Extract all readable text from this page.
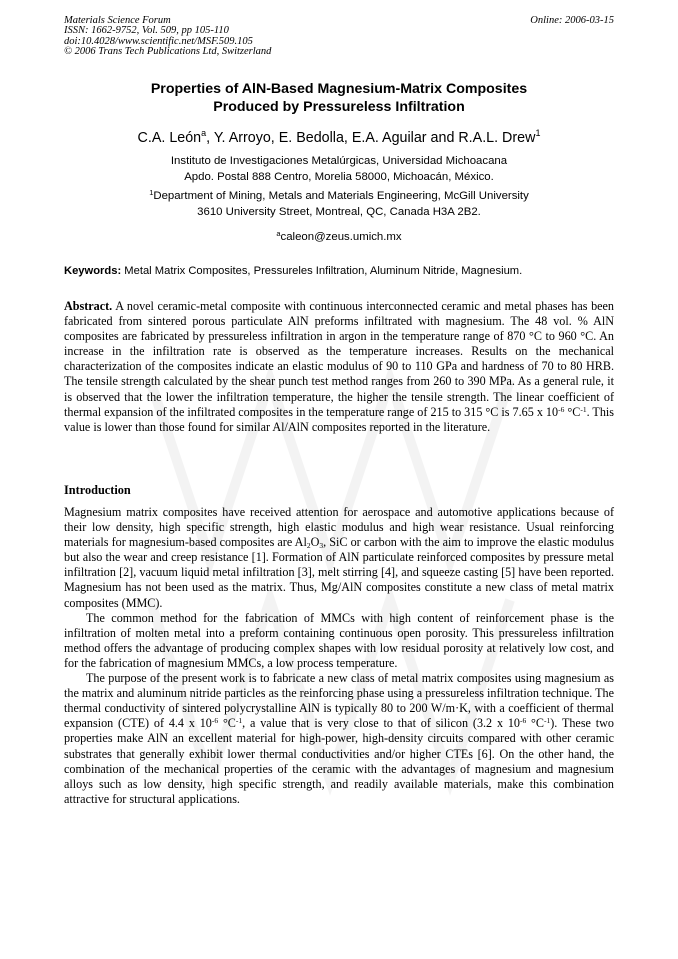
Materials Science Forum
ISSN: 1662-9752, Vol. 509, pp 105-110
doi:10.4028/www.scientific.net/MSF.509.105
© 2006 Trans Tech Publications Ltd, Switzerland
Online: 2006-03-15
Properties of AlN-Based Magnesium-Matrix Composites
Produced by Pressureless Infiltration
C.A. León$^a$, Y. Arroyo, E. Bedolla, E.A. Aguilar and R.A.L. Drew$^1$
Instituto de Investigaciones Metalúrgicas, Universidad Michoacana
Apdo. Postal 888 Centro, Morelia 58000, Michoacán, México.
$^1$Department of Mining, Metals and Materials Engineering, McGill University
3610 University Street, Montreal, QC, Canada H3A 2B2.
$^a$caleon@zeus.umich.mx
Keywords: Metal Matrix Composites, Pressureles Infiltration, Aluminum Nitride, Magnesium.
Abstract. A novel ceramic-metal composite with continuous interconnected ceramic and metal phases has been fabricated from sintered porous particulate AlN preforms infiltrated with magnesium. The 48 vol. % AlN composites are fabricated by pressureless infiltration in argon in the temperature range of 870 °C to 960 °C. An increase in the infiltration rate is observed as the temperature increases. Results on the mechanical characterization of the composites indicate an elastic modulus of 90 to 110 GPa and hardness of 70 to 80 HRB. The tensile strength calculated by the shear punch test method ranges from 260 to 390 MPa. As a general rule, it is observed that the lower the infiltration temperature, the higher the tensile strength. The linear coefficient of thermal expansion of the infiltrated composites in the temperature range of 215 to 315 °C is 7.65 x $10^{-6}$ $^\circ C^{-1}$. This value is lower than those found for similar Al/AlN composites reported in the literature.
Introduction

Magnesium matrix composites have received attention for aerospace and automotive applications because of their low density, high specific strength, high elastic modulus and high wear resistance. Usual reinforcing materials for magnesium-based composites are $Al_2O_3$, SiC or carbon with the aim to improve the elastic modulus but also the wear and creep resistance [1]. Formation of AlN particulate reinforced composites by pressure metal infiltration [2], vacuum liquid metal infiltration [3], melt stirring [4], and squeeze casting [5] have been reported. Magnesium has not been used as the matrix. Thus, Mg/AlN composites constitute a new class of metal matrix composites (MMC).

The common method for the fabrication of MMCs with high content of reinforcement phase is the infiltration of molten metal into a preform containing continuous open porosity. This pressureless infiltration method offers the advantage of producing complex shapes with low residual porosity at relatively low cost, and for the fabrication of magnesium MMCs, a low process temperature.

The purpose of the present work is to fabricate a new class of metal matrix composites using magnesium as the matrix and aluminum nitride particles as the reinforcing phase using a pressureless infiltration technique. The thermal conductivity of sintered polycrystalline AlN is typically 80 to 200 W/m·K, with a coefficient of thermal expansion (CTE) of 4.4 x $10^{-6}$ $^\circ C^{-1}$, a value that is very close to that of silicon (3.2 x $10^{-6}$ $^\circ C^{-1}$). These two properties make AlN an excellent material for high-power, high-density circuits compared with other ceramic substrates that generally exhibit lower thermal conductivities and/or higher CTEs [6]. On the other hand, the combination of the mechanical properties of the ceramic with the advantages of magnesium and magnesium alloys such as low density, high specific strength, and readily available materials, make this combination attractive for structural applications.
